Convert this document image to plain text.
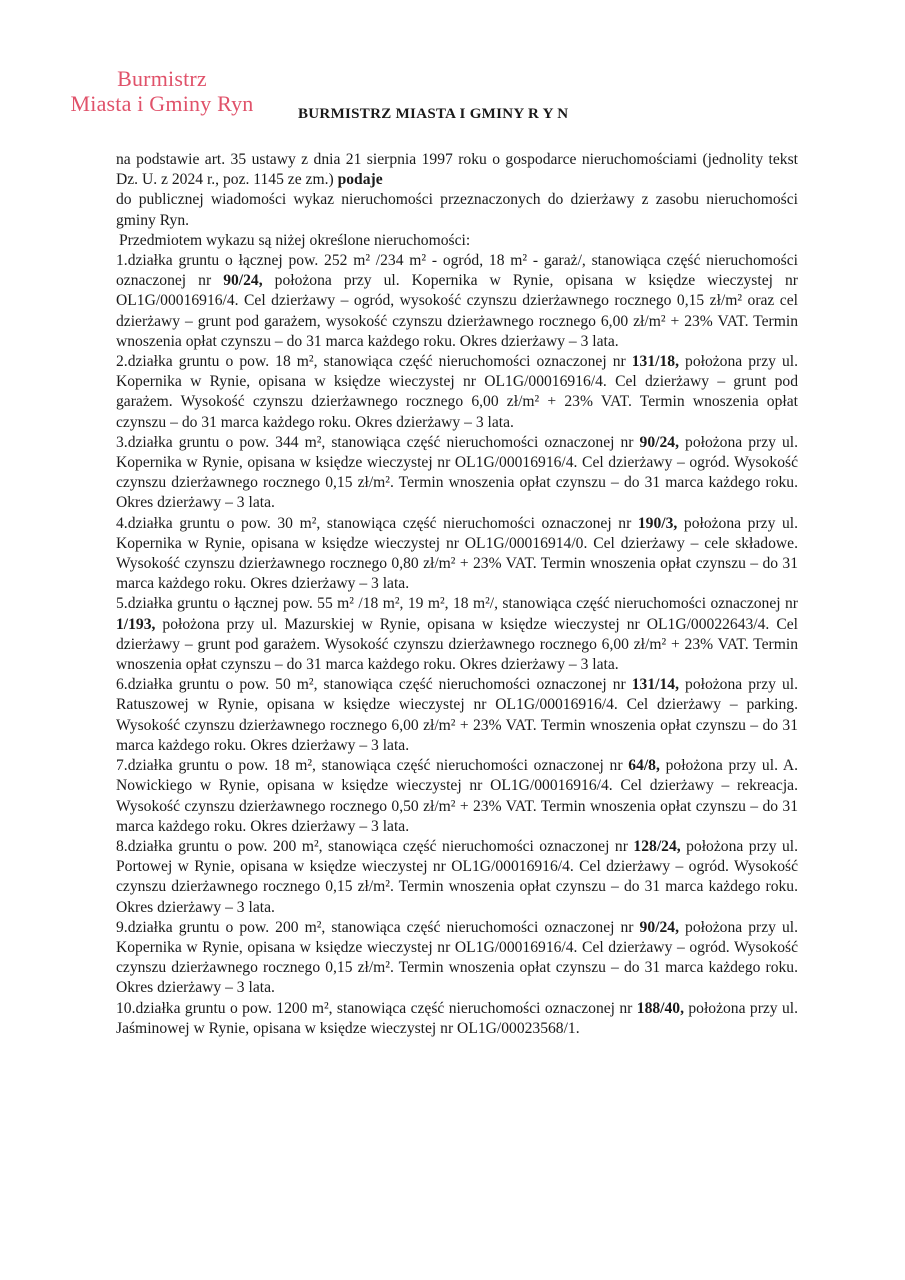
Burmistrz
Miasta i Gminy Ryn	BURMISTRZ MIASTA I GMINY R Y N

na podstawie art. 35 ustawy z dnia 21 sierpnia 1997 roku o gospodarce nieruchomościami (jednolity tekst Dz. U. z 2024 r., poz. 1145 ze zm.) podaje

do publicznej wiadomości wykaz nieruchomości przeznaczonych do dzierżawy z zasobu nieruchomości gminy Ryn.

Przedmiotem wykazu są niżej określone nieruchomości:

1.działka gruntu o łącznej pow. 252 m² /234 m² - ogród, 18 m² - garaż/, stanowiąca część nieruchomości oznaczonej nr 90/24, położona przy ul. Kopernika w Rynie, opisana w księdze wieczystej nr OL1G/00016916/4. Cel dzierżawy – ogród, wysokość czynszu dzierżawnego rocznego 0,15 zł/m² oraz cel dzierżawy – grunt pod garażem, wysokość czynszu dzierżawnego rocznego 6,00 zł/m² + 23% VAT. Termin wnoszenia opłat czynszu – do 31 marca każdego roku. Okres dzierżawy – 3 lata.

2.działka gruntu o pow. 18 m², stanowiąca część nieruchomości oznaczonej nr 131/18, położona przy ul. Kopernika w Rynie, opisana w księdze wieczystej nr OL1G/00016916/4. Cel dzierżawy – grunt pod garażem. Wysokość czynszu dzierżawnego rocznego 6,00 zł/m² + 23% VAT. Termin wnoszenia opłat czynszu – do 31 marca każdego roku. Okres dzierżawy – 3 lata.

3.działka gruntu o pow. 344 m², stanowiąca część nieruchomości oznaczonej nr 90/24, położona przy ul. Kopernika w Rynie, opisana w księdze wieczystej nr OL1G/00016916/4. Cel dzierżawy – ogród. Wysokość czynszu dzierżawnego rocznego 0,15 zł/m². Termin wnoszenia opłat czynszu – do 31 marca każdego roku. Okres dzierżawy – 3 lata.

4.działka gruntu o pow. 30 m², stanowiąca część nieruchomości oznaczonej nr 190/3, położona przy ul. Kopernika w Rynie, opisana w księdze wieczystej nr OL1G/00016914/0. Cel dzierżawy – cele składowe. Wysokość czynszu dzierżawnego rocznego 0,80 zł/m² + 23% VAT. Termin wnoszenia opłat czynszu – do 31 marca każdego roku. Okres dzierżawy – 3 lata.

5.działka gruntu o łącznej pow. 55 m² /18 m², 19 m², 18 m²/, stanowiąca część nieruchomości oznaczonej nr 1/193, położona przy ul. Mazurskiej w Rynie, opisana w księdze wieczystej nr OL1G/00022643/4. Cel dzierżawy – grunt pod garażem. Wysokość czynszu dzierżawnego rocznego 6,00 zł/m² + 23% VAT. Termin wnoszenia opłat czynszu – do 31 marca każdego roku. Okres dzierżawy – 3 lata.

6.działka gruntu o pow. 50 m², stanowiąca część nieruchomości oznaczonej nr 131/14, położona przy ul. Ratuszowej w Rynie, opisana w księdze wieczystej nr OL1G/00016916/4. Cel dzierżawy – parking. Wysokość czynszu dzierżawnego rocznego 6,00 zł/m² + 23% VAT. Termin wnoszenia opłat czynszu – do 31 marca każdego roku. Okres dzierżawy – 3 lata.

7.działka gruntu o pow. 18 m², stanowiąca część nieruchomości oznaczonej nr 64/8, położona przy ul. A. Nowickiego w Rynie, opisana w księdze wieczystej nr OL1G/00016916/4. Cel dzierżawy – rekreacja. Wysokość czynszu dzierżawnego rocznego 0,50 zł/m² + 23% VAT. Termin wnoszenia opłat czynszu – do 31 marca każdego roku. Okres dzierżawy – 3 lata.

8.działka gruntu o pow. 200 m², stanowiąca część nieruchomości oznaczonej nr 128/24, położona przy ul. Portowej w Rynie, opisana w księdze wieczystej nr OL1G/00016916/4. Cel dzierżawy – ogród. Wysokość czynszu dzierżawnego rocznego 0,15 zł/m². Termin wnoszenia opłat czynszu – do 31 marca każdego roku. Okres dzierżawy – 3 lata.

9.działka gruntu o pow. 200 m², stanowiąca część nieruchomości oznaczonej nr 90/24, położona przy ul. Kopernika w Rynie, opisana w księdze wieczystej nr OL1G/00016916/4. Cel dzierżawy – ogród. Wysokość czynszu dzierżawnego rocznego 0,15 zł/m². Termin wnoszenia opłat czynszu – do 31 marca każdego roku. Okres dzierżawy – 3 lata.

10.działka gruntu o pow. 1200 m², stanowiąca część nieruchomości oznaczonej nr 188/40, położona przy ul. Jaśminowej w Rynie, opisana w księdze wieczystej nr OL1G/00023568/1.
